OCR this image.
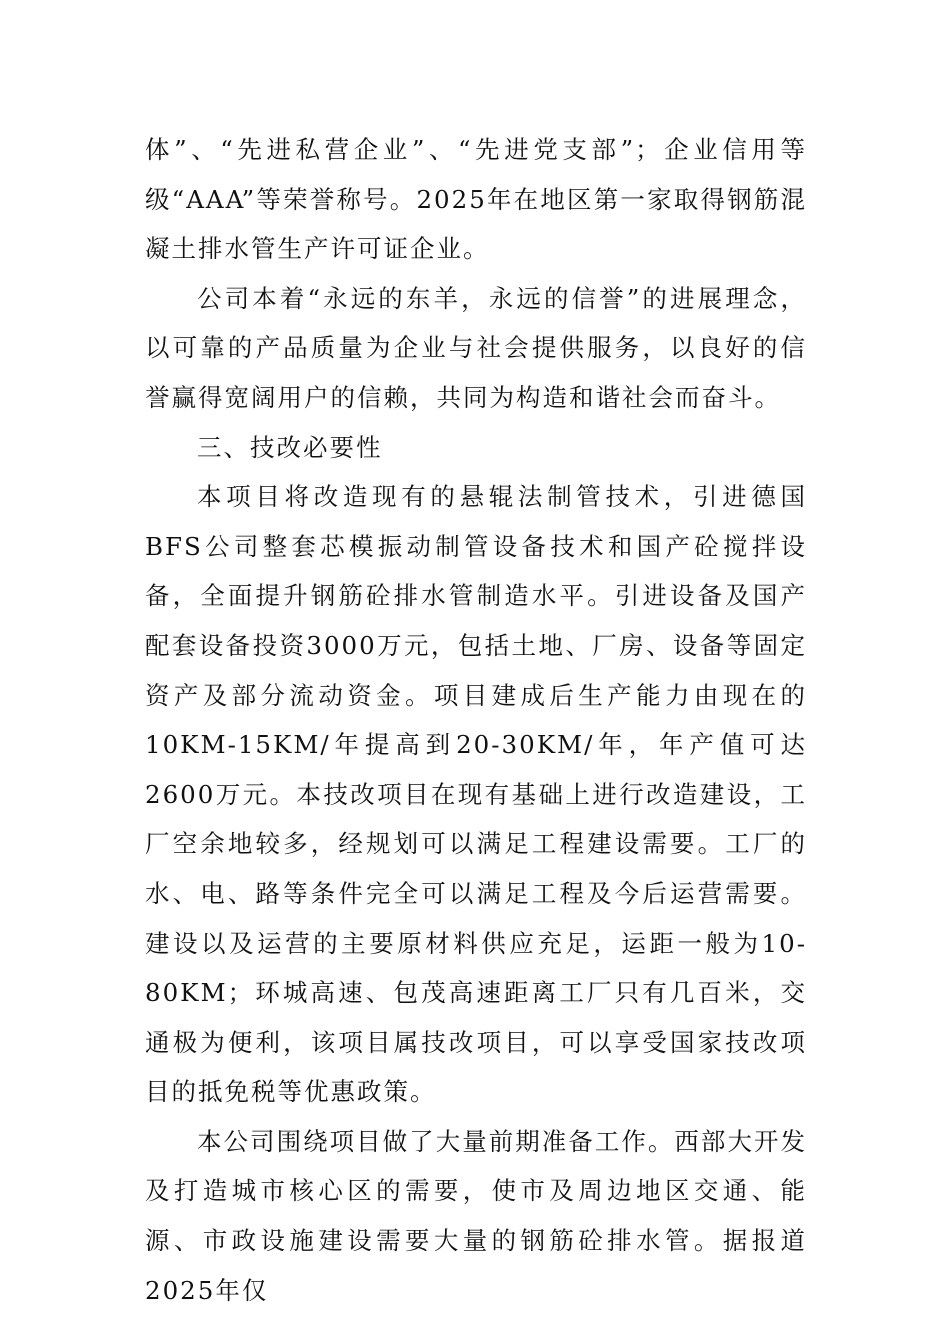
体”、“先进私营企业”、“先进党支部”；企业信用等级“AAA”等荣誉称号。2025年在地区第一家取得钢筋混凝土排水管生产许可证企业。

公司本着“永远的东羊，永远的信誉”的进展理念，以可靠的产品质量为企业与社会提供服务，以良好的信誉赢得宽阔用户的信赖，共同为构造和谐社会而奋斗。

三、技改必要性

本项目将改造现有的悬辊法制管技术，引进德国BFS公司整套芯模振动制管设备技术和国产砼搅拌设备，全面提升钢筋砼排水管制造水平。引进设备及国产配套设备投资3000万元，包括土地、厂房、设备等固定资产及部分流动资金。项目建成后生产能力由现在的10KM-15KM/年提高到20-30KM/年，年产值可达2600万元。本技改项目在现有基础上进行改造建设，工厂空余地较多，经规划可以满足工程建设需要。工厂的水、电、路等条件完全可以满足工程及今后运营需要。建设以及运营的主要原材料供应充足，运距一般为10-80KM；环城高速、包茂高速距离工厂只有几百米，交通极为便利，该项目属技改项目，可以享受国家技改项目的抵免税等优惠政策。

本公司围绕项目做了大量前期准备工作。西部大开发及打造城市核心区的需要，使市及周边地区交通、能源、市政设施建设需要大量的钢筋砼排水管。据报道2025年仅
